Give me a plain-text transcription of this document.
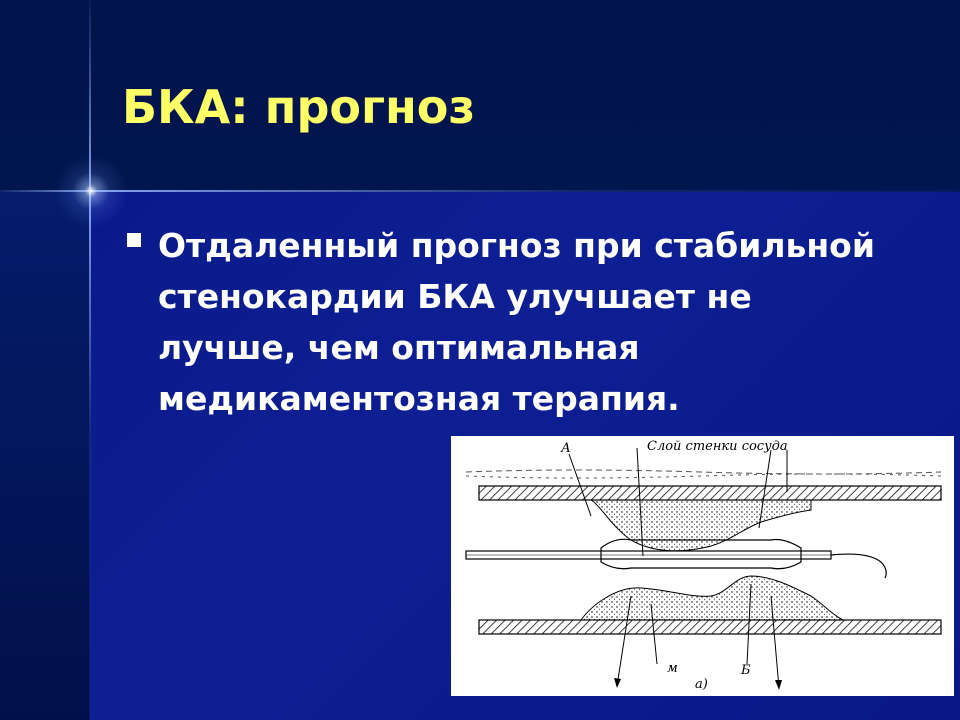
БКА: прогноз

Отдаленный прогноз при стабильной стенокардии БКА улучшает не лучше, чем оптимальная медикаментозная терапия.

А	Слой стенки сосуда
м	Б
а)
